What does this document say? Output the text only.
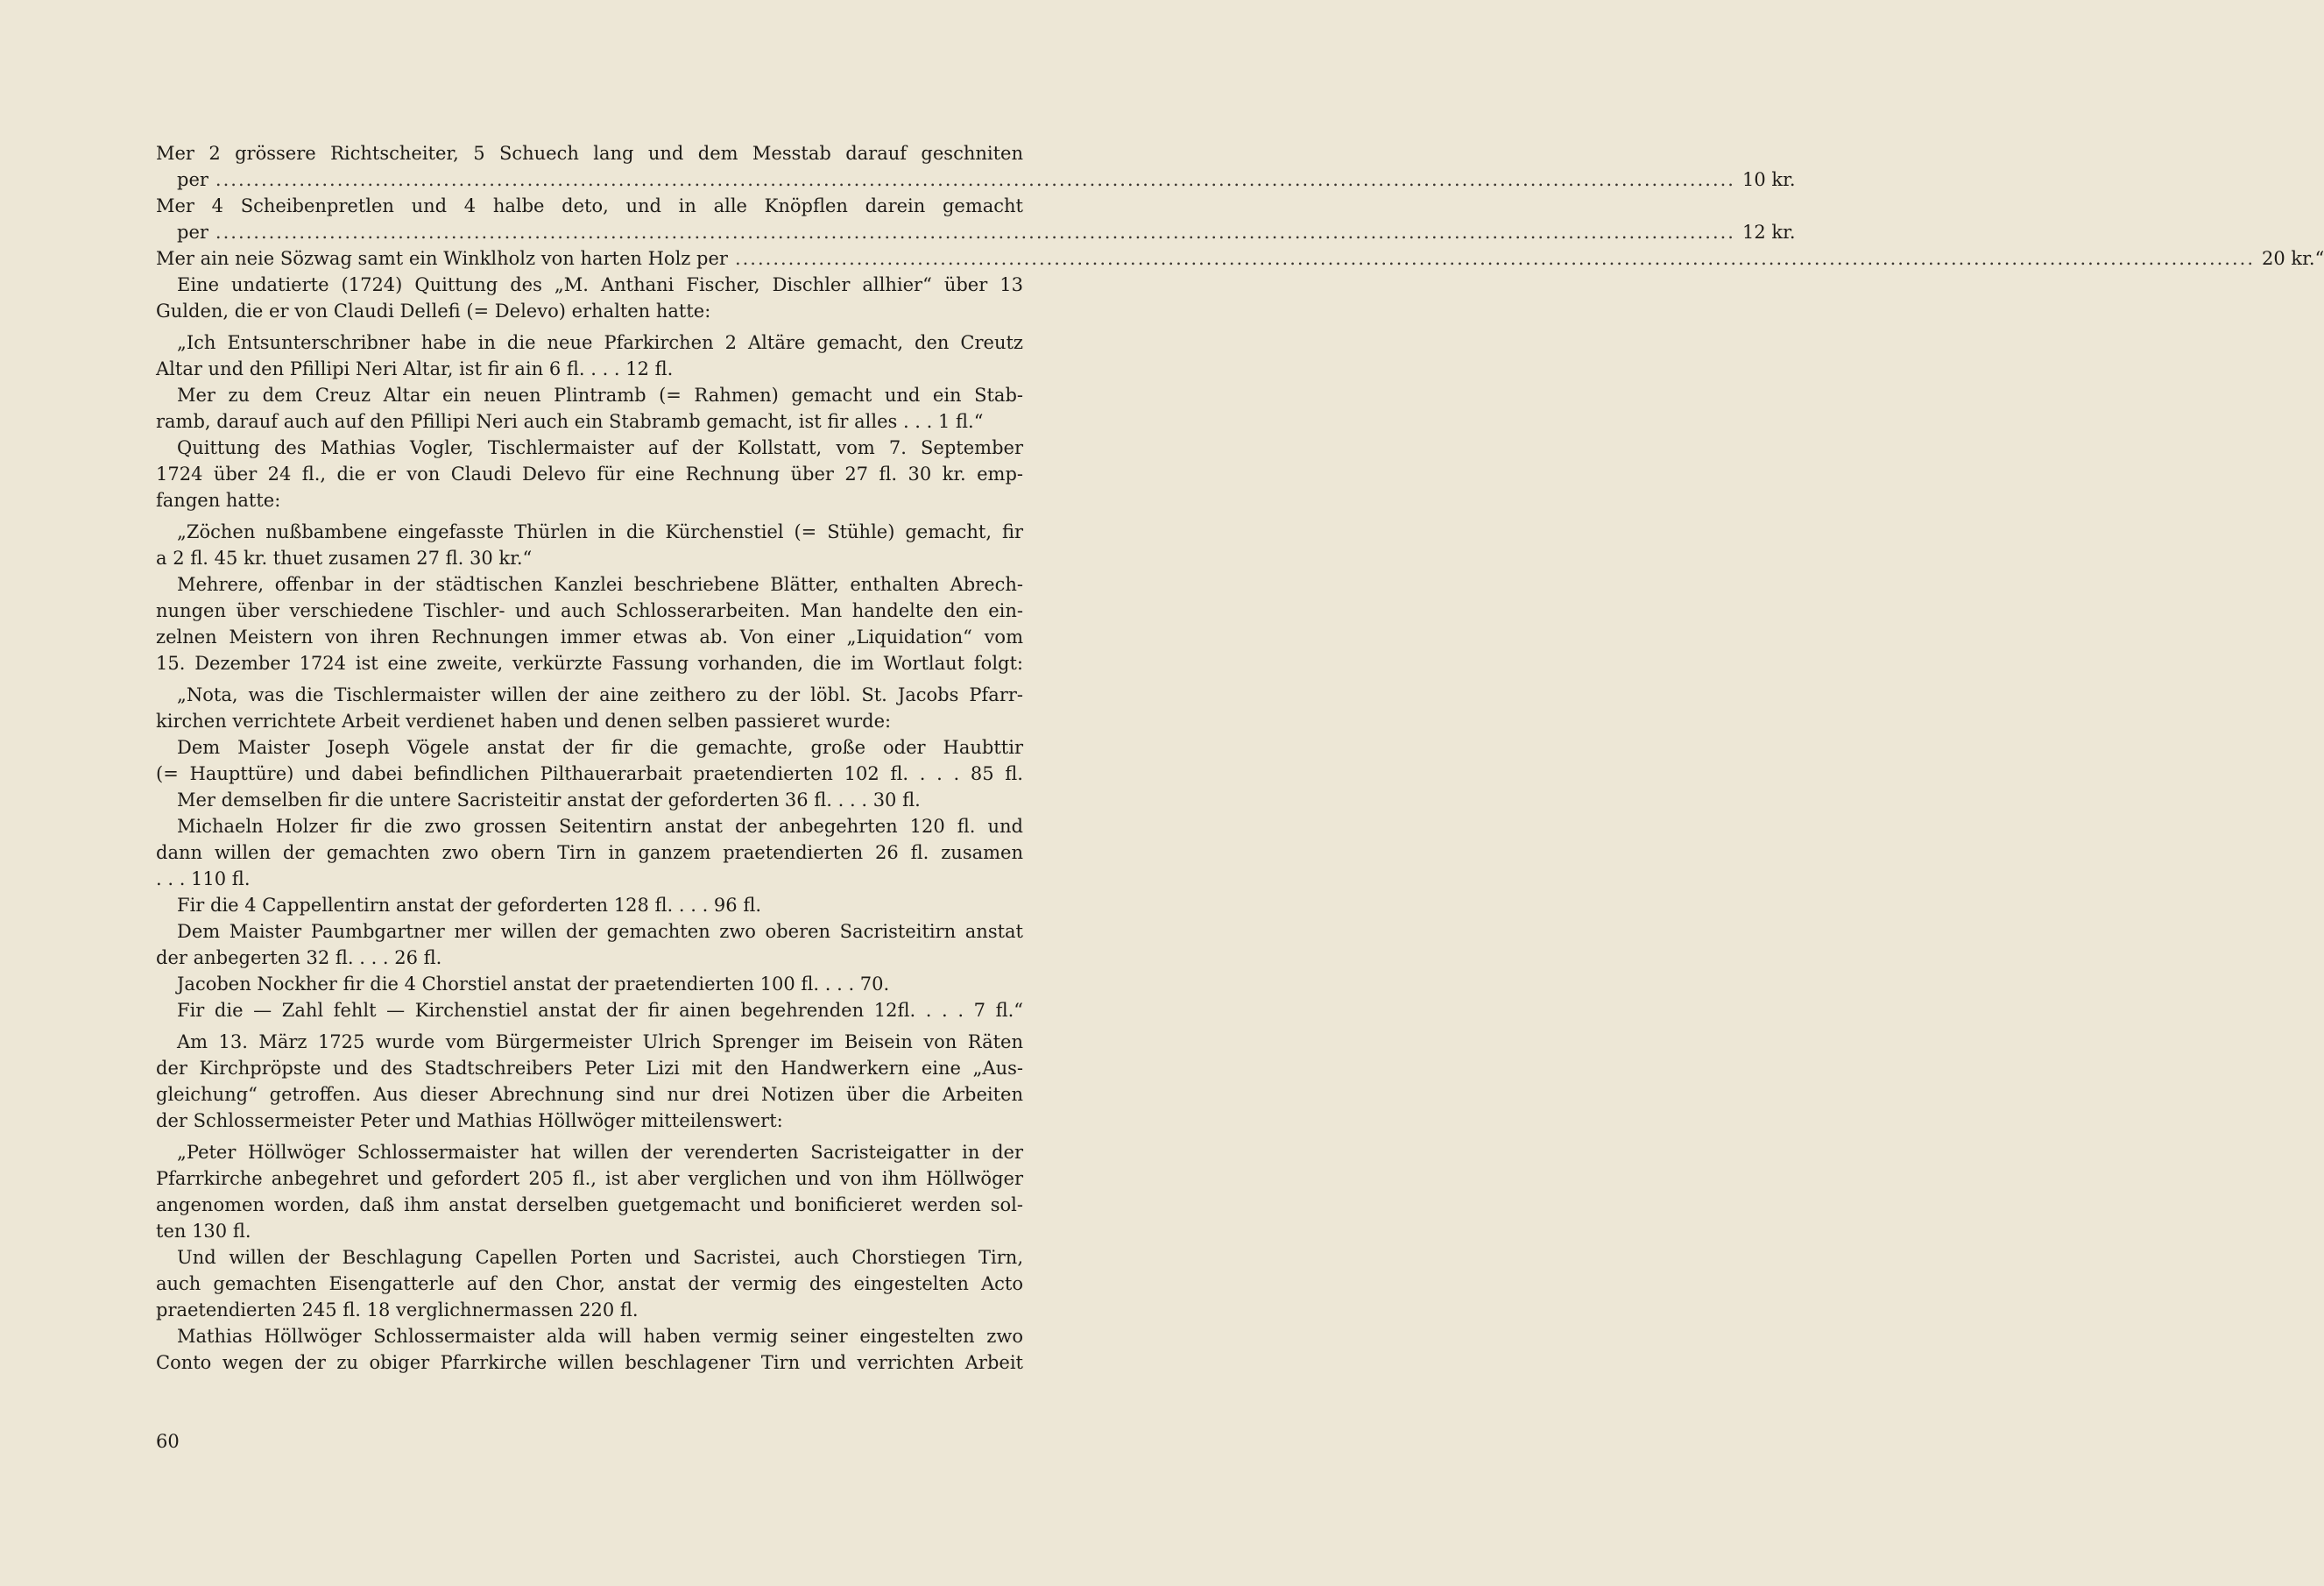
Mer 2 grössere Richtscheiter, 5 Schuech lang und dem Messtab darauf geschniten
per ........................................................................................................................................................................................................ 10 kr.
Mer 4 Scheibenpretlen und 4 halbe deto, und in alle Knöpflen darein gemacht
per ........................................................................................................................................................................................................ 12 kr.
Mer ain neie Sözwag samt ein Winklholz von harten Holz per ........................................................................................................................................................................................................ 20 kr.“
Eine undatierte (1724) Quittung des „M. Anthani Fischer, Dischler allhier“ über 13
Gulden, die er von Claudi Dellefi (= Delevo) erhalten hatte:
„Ich Entsunterschribner habe in die neue Pfarkirchen 2 Altäre gemacht, den Creutz
Altar und den Pfillipi Neri Altar, ist fir ain 6 fl. . . . 12 fl.
Mer zu dem Creuz Altar ein neuen Plintramb (= Rahmen) gemacht und ein Stab-
ramb, darauf auch auf den Pfillipi Neri auch ein Stabramb gemacht, ist fir alles . . . 1 fl.“
Quittung des Mathias Vogler, Tischlermaister auf der Kollstatt, vom 7. September
1724 über 24 fl., die er von Claudi Delevo für eine Rechnung über 27 fl. 30 kr. emp-
fangen hatte:
„Zöchen nußbambene eingefasste Thürlen in die Kürchenstiel (= Stühle) gemacht, fir
a 2 fl. 45 kr. thuet zusamen 27 fl. 30 kr.“
Mehrere, offenbar in der städtischen Kanzlei beschriebene Blätter, enthalten Abrech-
nungen über verschiedene Tischler- und auch Schlosserarbeiten. Man handelte den ein-
zelnen Meistern von ihren Rechnungen immer etwas ab. Von einer „Liquidation“ vom
15. Dezember 1724 ist eine zweite, verkürzte Fassung vorhanden, die im Wortlaut folgt:
„Nota, was die Tischlermaister willen der aine zeithero zu der löbl. St. Jacobs Pfarr-
kirchen verrichtete Arbeit verdienet haben und denen selben passieret wurde:
Dem Maister Joseph Vögele anstat der fir die gemachte, große oder Haubttir
(= Haupttüre) und dabei befindlichen Pilthauerarbait praetendierten 102 fl. . . . 85 fl.
Mer demselben fir die untere Sacristeitir anstat der geforderten 36 fl. . . . 30 fl.
Michaeln Holzer fir die zwo grossen Seitentirn anstat der anbegehrten 120 fl. und
dann willen der gemachten zwo obern Tirn in ganzem praetendierten 26 fl. zusamen
. . . 110 fl.
Fir die 4 Cappellentirn anstat der geforderten 128 fl. . . . 96 fl.
Dem Maister Paumbgartner mer willen der gemachten zwo oberen Sacristeitirn anstat
der anbegerten 32 fl. . . . 26 fl.
Jacoben Nockher fir die 4 Chorstiel anstat der praetendierten 100 fl. . . . 70.
Fir die — Zahl fehlt — Kirchenstiel anstat der fir ainen begehrenden 12fl. . . . 7 fl.“
Am 13. März 1725 wurde vom Bürgermeister Ulrich Sprenger im Beisein von Räten
der Kirchpröpste und des Stadtschreibers Peter Lizi mit den Handwerkern eine „Aus-
gleichung“ getroffen. Aus dieser Abrechnung sind nur drei Notizen über die Arbeiten
der Schlossermeister Peter und Mathias Höllwöger mitteilenswert:
„Peter Höllwöger Schlossermaister hat willen der verenderten Sacristeigatter in der
Pfarrkirche anbegehret und gefordert 205 fl., ist aber verglichen und von ihm Höllwöger
angenomen worden, daß ihm anstat derselben guetgemacht und bonificieret werden sol-
ten 130 fl.
Und willen der Beschlagung Capellen Porten und Sacristei, auch Chorstiegen Tirn,
auch gemachten Eisengatterle auf den Chor, anstat der vermig des eingestelten Acto
praetendierten 245 fl. 18 verglichnermassen 220 fl.
Mathias Höllwöger Schlossermaister alda will haben vermig seiner eingestelten zwo
Conto wegen der zu obiger Pfarrkirche willen beschlagener Tirn und verrichten Arbeit
60
